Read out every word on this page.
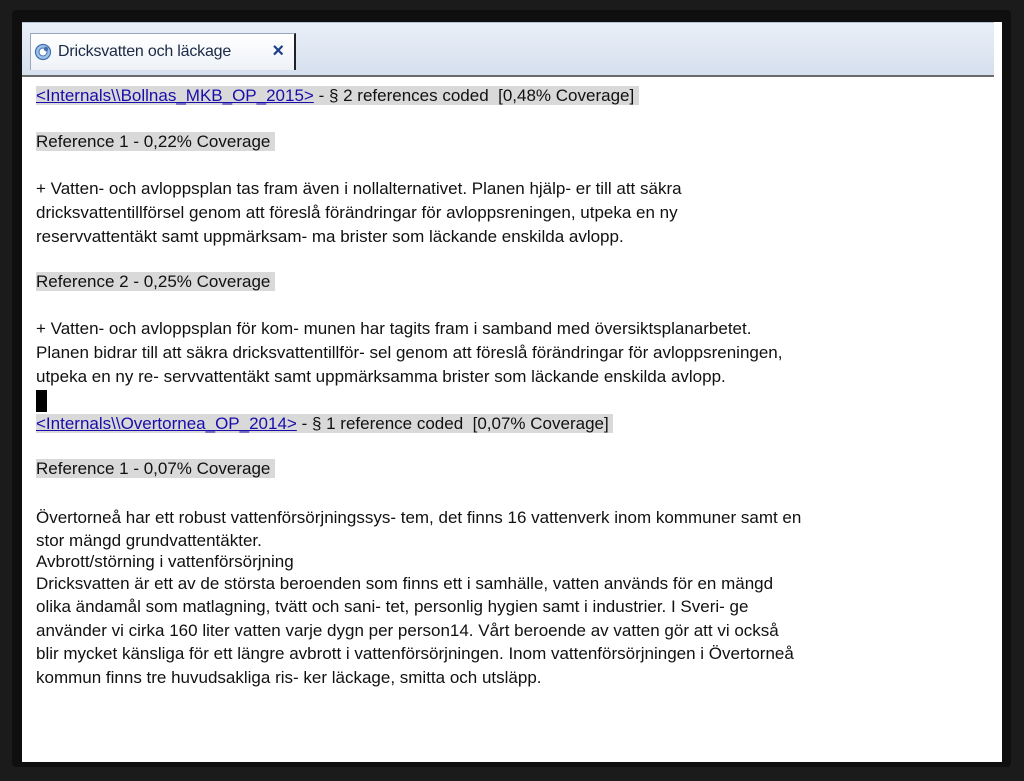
Dricksvatten och läckage ×
<Internals\\Bollnas_MKB_OP_2015> - § 2 references coded  [0,48% Coverage]
Reference 1 - 0,22% Coverage
+ Vatten- och avloppsplan tas fram även i nollalternativet. Planen hjälp- er till att säkra
dricksvattentillförsel genom att föreslå förändringar för avloppsreningen, utpeka en ny
reservvattentäkt samt uppmärksam- ma brister som läckande enskilda avlopp.
Reference 2 - 0,25% Coverage
+ Vatten- och avloppsplan för kom- munen har tagits fram i samband med översiktsplanarbetet.
Planen bidrar till att säkra dricksvattentillför- sel genom att föreslå förändringar för avloppsreningen,
utpeka en ny re- servvattentäkt samt uppmärksamma brister som läckande enskilda avlopp.
<Internals\\Overtornea_OP_2014> - § 1 reference coded  [0,07% Coverage]
Reference 1 - 0,07% Coverage
Övertorneå har ett robust vattenförsörjningssys- tem, det finns 16 vattenverk inom kommuner samt en
stor mängd grundvattentäkter.
Avbrott/störning i vattenförsörjning
Dricksvatten är ett av de största beroenden som finns ett i samhälle, vatten används för en mängd
olika ändamål som matlagning, tvätt och sani- tet, personlig hygien samt i industrier. I Sveri- ge
använder vi cirka 160 liter vatten varje dygn per person14. Vårt beroende av vatten gör att vi också
blir mycket känsliga för ett längre avbrott i vattenförsörjningen. Inom vattenförsörjningen i Övertorneå
kommun finns tre huvudsakliga ris- ker läckage, smitta och utsläpp.
